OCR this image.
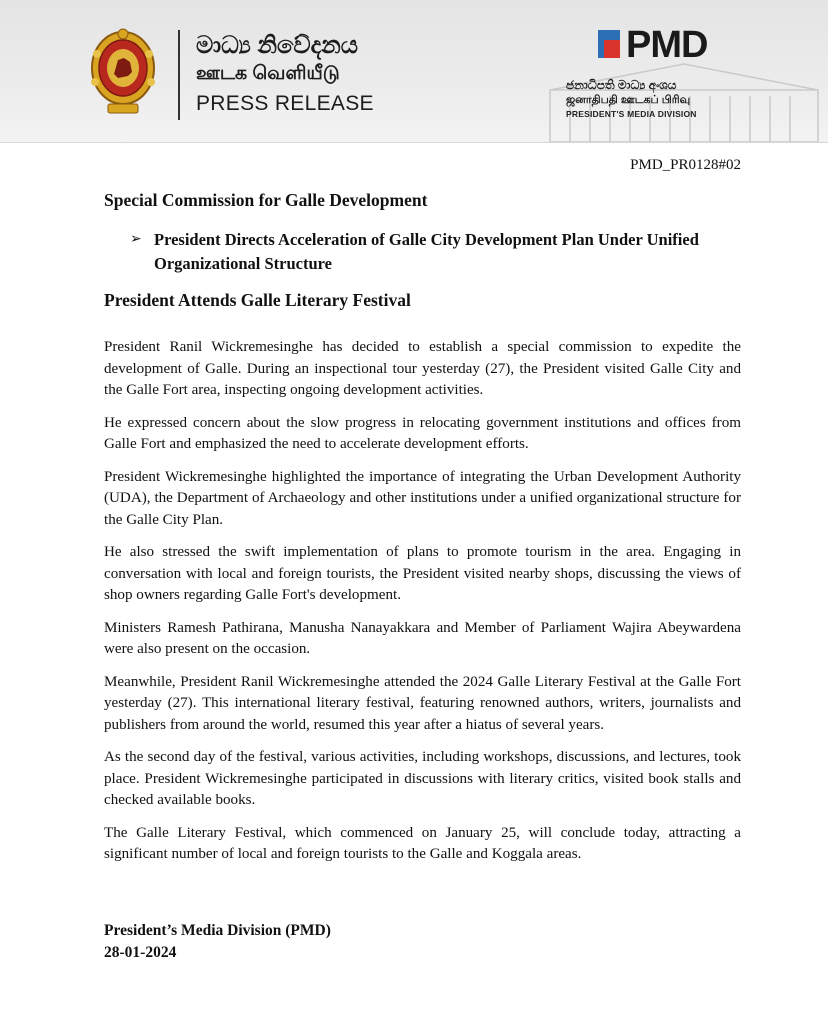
මාධ්‍ය නිවේදනය
ஊடக வெளியீடு
PRESS RELEASE
PMD
ජනාධිපති මාධ්‍ය අංශය
ஜனாதிபதி ஊடகப் பிரிவு
PRESIDENT'S MEDIA DIVISION
PMD_PR0128#02
Special Commission for Galle Development
➢ President Directs Acceleration of Galle City Development Plan Under Unified Organizational Structure
President Attends Galle Literary Festival

President Ranil Wickremesinghe has decided to establish a special commission to expedite the development of Galle. During an inspectional tour yesterday (27), the President visited Galle City and the Galle Fort area, inspecting ongoing development activities.

He expressed concern about the slow progress in relocating government institutions and offices from Galle Fort and emphasized the need to accelerate development efforts.

President Wickremesinghe highlighted the importance of integrating the Urban Development Authority (UDA), the Department of Archaeology and other institutions under a unified organizational structure for the Galle City Plan.

He also stressed the swift implementation of plans to promote tourism in the area. Engaging in conversation with local and foreign tourists, the President visited nearby shops, discussing the views of shop owners regarding Galle Fort's development.

Ministers Ramesh Pathirana, Manusha Nanayakkara and Member of Parliament Wajira Abeywardena were also present on the occasion.

Meanwhile, President Ranil Wickremesinghe attended the 2024 Galle Literary Festival at the Galle Fort yesterday (27). This international literary festival, featuring renowned authors, writers, journalists and publishers from around the world, resumed this year after a hiatus of several years.

As the second day of the festival, various activities, including workshops, discussions, and lectures, took place. President Wickremesinghe participated in discussions with literary critics, visited book stalls and checked available books.

The Galle Literary Festival, which commenced on January 25, will conclude today, attracting a significant number of local and foreign tourists to the Galle and Koggala areas.

President’s Media Division (PMD)
28-01-2024
